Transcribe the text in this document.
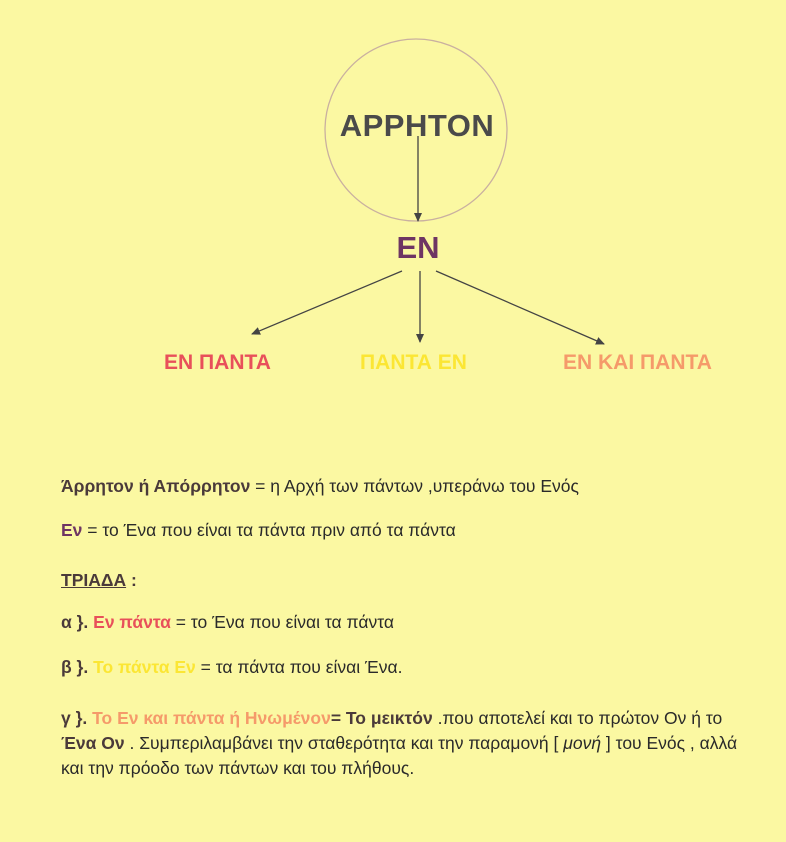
ΑΡΡΗΤΟΝ
ΕΝ
ΕΝ ΠΑΝΤΑ	ΠΑΝΤΑ ΕΝ	ΕΝ ΚΑΙ ΠΑΝΤΑ
Άρρητον ή Απόρρητον = η Αρχή των πάντων ,υπεράνω του Ενός
Εν = το Ένα που είναι τα πάντα πριν από τα πάντα
ΤΡΙΑΔΑ :
α }. Εν πάντα = το Ένα που είναι τα πάντα
β }. Το πάντα Εν = τα πάντα που είναι Ένα.
γ }. Το Εν και πάντα ή Ηνωμένον= Το μεικτόν .που αποτελεί και το πρώτον Ον ή το Ένα Ον . Συμπεριλαμβάνει την σταθερότητα και την παραμονή [ μονή ] του Ενός , αλλά και την πρόοδο των πάντων και του πλήθους.
